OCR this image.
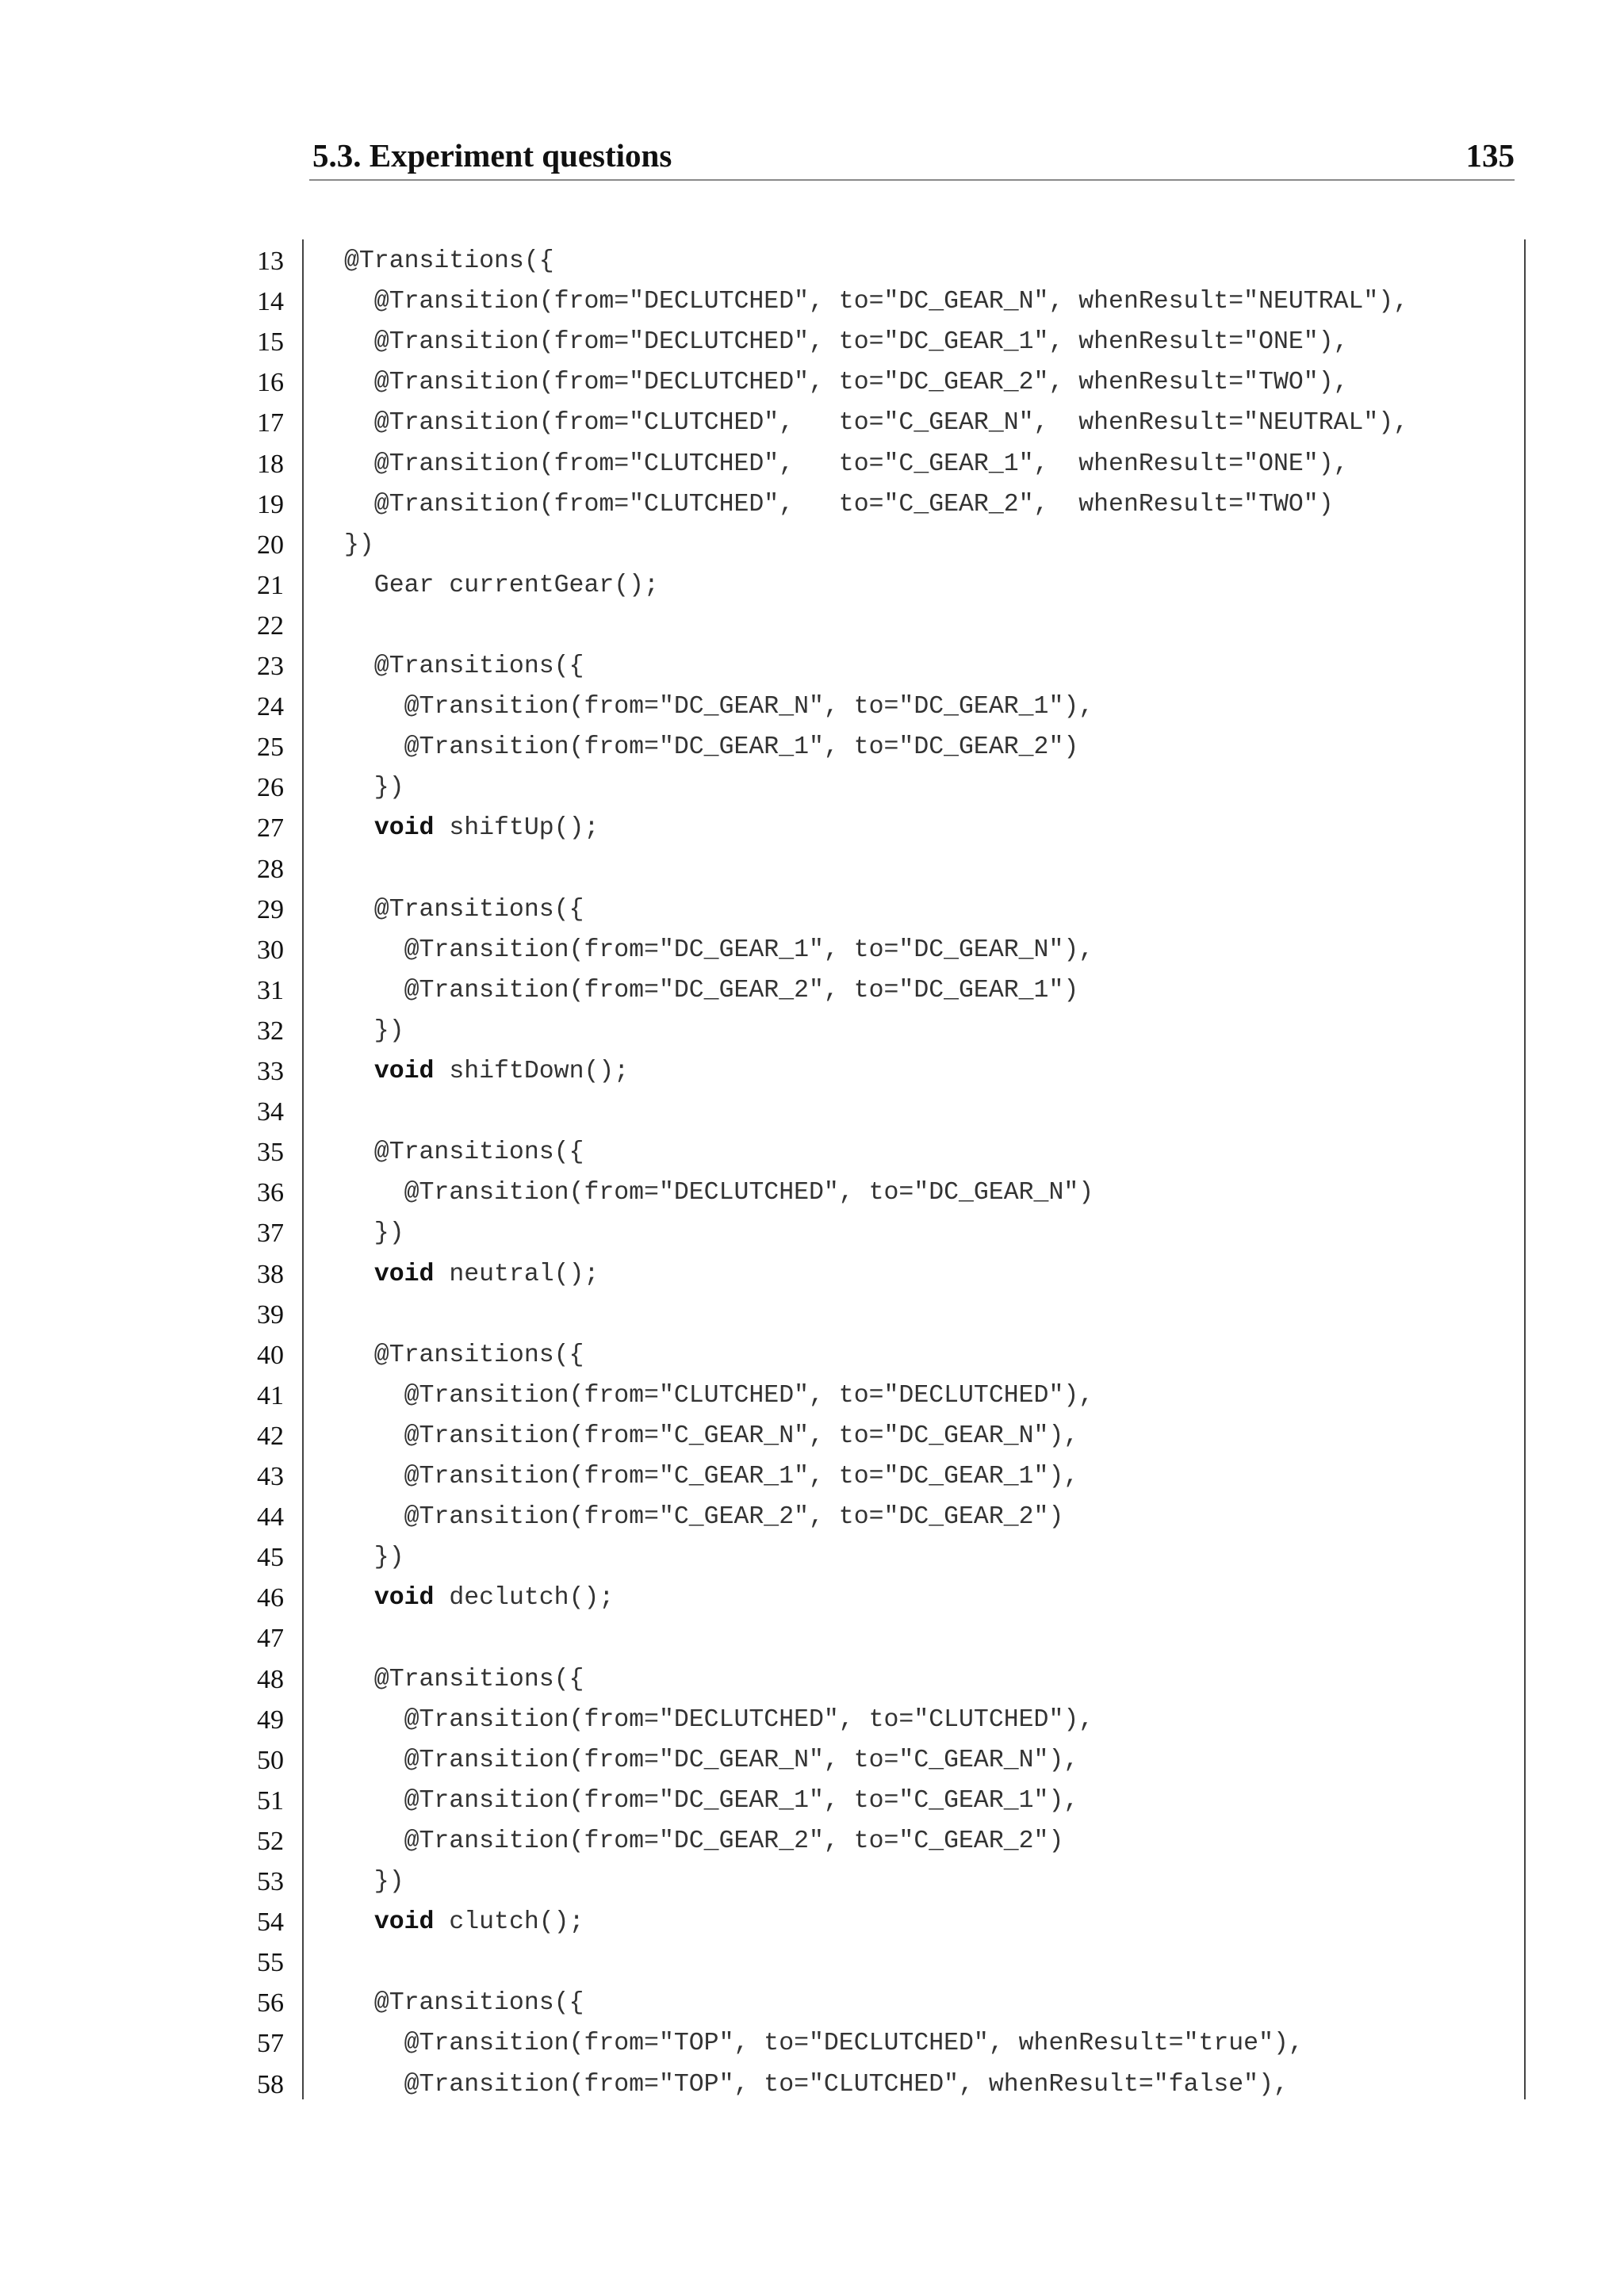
5.3. Experiment questions	135
13 @Transitions({
14 @Transition(from="DECLUTCHED", to="DC_GEAR_N", whenResult="NEUTRAL"),
15 @Transition(from="DECLUTCHED", to="DC_GEAR_1", whenResult="ONE"),
16 @Transition(from="DECLUTCHED", to="DC_GEAR_2", whenResult="TWO"),
17 @Transition(from="CLUTCHED",   to="C_GEAR_N",  whenResult="NEUTRAL"),
18 @Transition(from="CLUTCHED",   to="C_GEAR_1",  whenResult="ONE"),
19 @Transition(from="CLUTCHED",   to="C_GEAR_2",  whenResult="TWO")
20 })
21 Gear currentGear();
22
23 @Transitions({
24 @Transition(from="DC_GEAR_N", to="DC_GEAR_1"),
25 @Transition(from="DC_GEAR_1", to="DC_GEAR_2")
26 })
27	void shiftUp();
28
29 @Transitions({
30 @Transition(from="DC_GEAR_1", to="DC_GEAR_N"),
31 @Transition(from="DC_GEAR_2", to="DC_GEAR_1")
32 })
33	void shiftDown();
34
35 @Transitions({
36 @Transition(from="DECLUTCHED", to="DC_GEAR_N")
37 })
38	void neutral();
39
40 @Transitions({
41 @Transition(from="CLUTCHED", to="DECLUTCHED"),
42 @Transition(from="C_GEAR_N", to="DC_GEAR_N"),
43 @Transition(from="C_GEAR_1", to="DC_GEAR_1"),
44 @Transition(from="C_GEAR_2", to="DC_GEAR_2")
45 })
46	void declutch();
47
48 @Transitions({
49 @Transition(from="DECLUTCHED", to="CLUTCHED"),
50 @Transition(from="DC_GEAR_N", to="C_GEAR_N"),
51 @Transition(from="DC_GEAR_1", to="C_GEAR_1"),
52 @Transition(from="DC_GEAR_2", to="C_GEAR_2")
53 })
54	void clutch();
55
56 @Transitions({
57 @Transition(from="TOP", to="DECLUTCHED", whenResult="true"),
58 @Transition(from="TOP", to="CLUTCHED", whenResult="false"),
